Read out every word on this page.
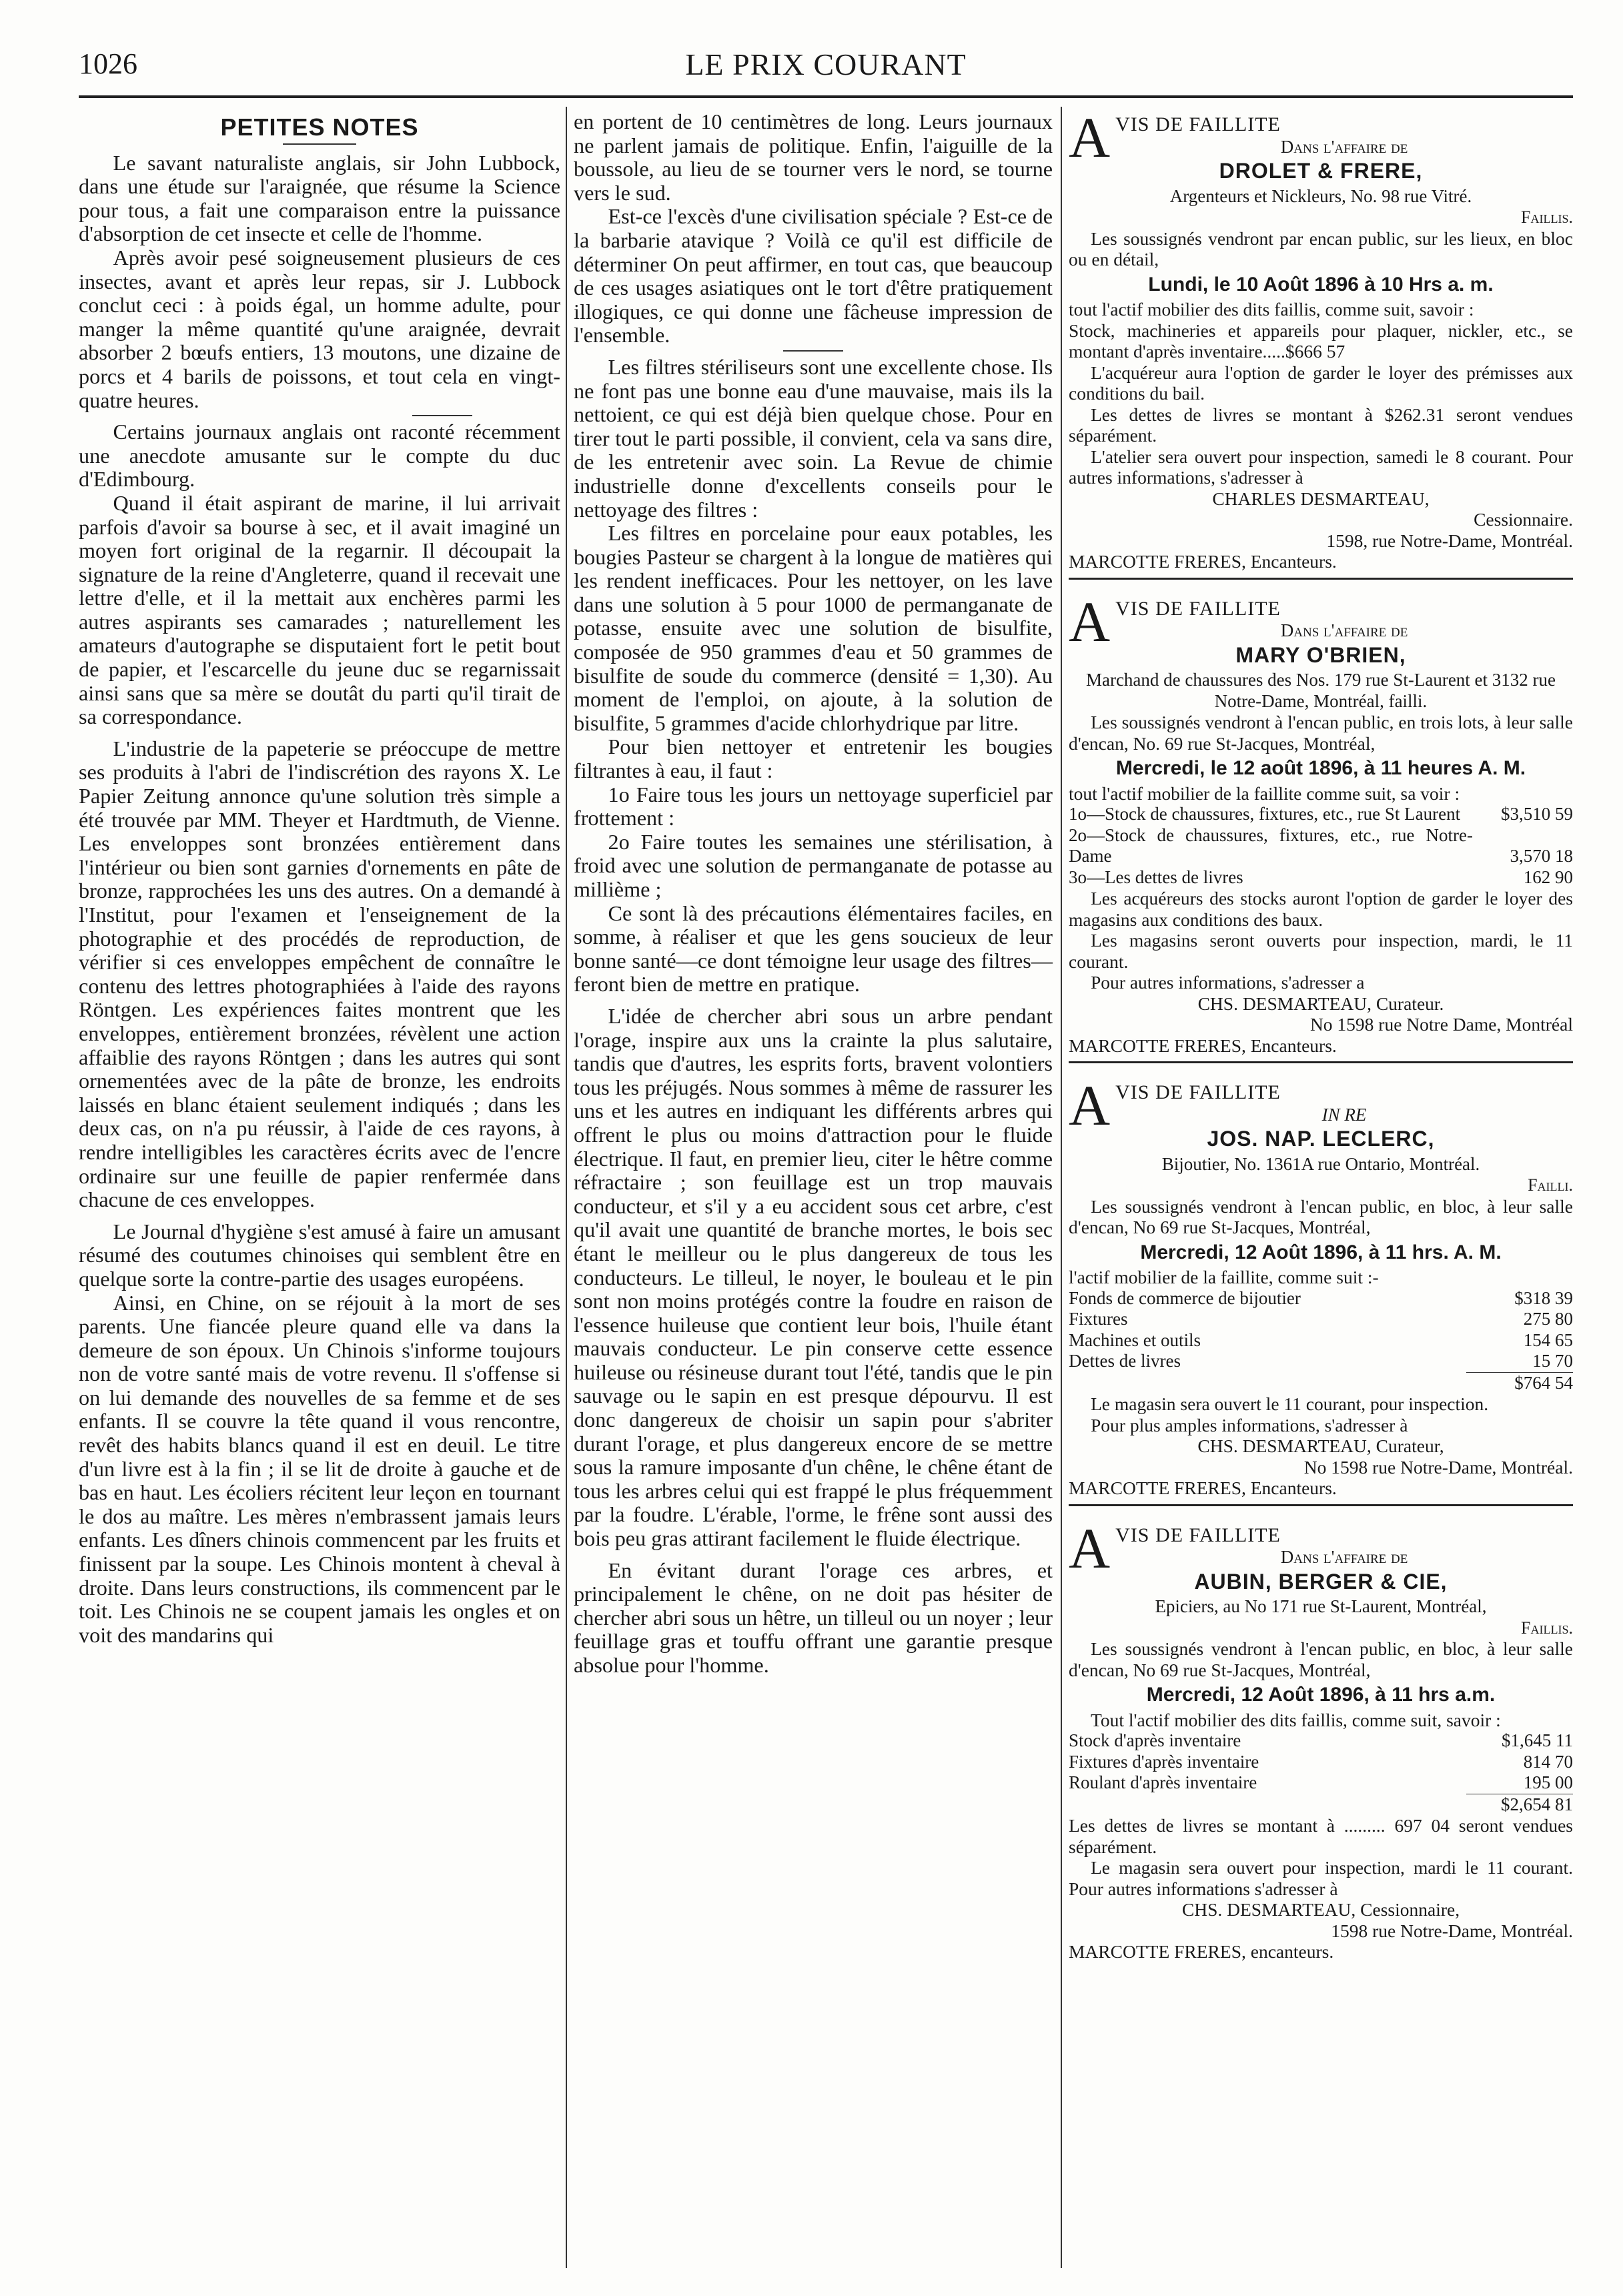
1026	LE PRIX COURANT
PETITES NOTES

Le savant naturaliste anglais, sir John Lubbock, dans une étude sur l'araignée, que résume la Science pour tous, a fait une comparaison entre la puissance d'absorption de cet insecte et celle de l'homme.

Après avoir pesé soigneusement plusieurs de ces insectes, avant et après leur repas, sir J. Lubbock conclut ceci : à poids égal, un homme adulte, pour manger la même quantité qu'une araignée, devrait absorber 2 bœufs entiers, 13 moutons, une dizaine de porcs et 4 barils de poissons, et tout cela en vingt-quatre heures.

Certains journaux anglais ont raconté récemment une anecdote amusante sur le compte du duc d'Edimbourg.

Quand il était aspirant de marine, il lui arrivait parfois d'avoir sa bourse à sec, et il avait imaginé un moyen fort original de la regarnir. Il découpait la signature de la reine d'Angleterre, quand il recevait une lettre d'elle, et il la mettait aux enchères parmi les autres aspirants ses camarades ; naturellement les amateurs d'autographe se disputaient fort le petit bout de papier, et l'escarcelle du jeune duc se regarnissait ainsi sans que sa mère se doutât du parti qu'il tirait de sa correspondance.

L'industrie de la papeterie se préoccupe de mettre ses produits à l'abri de l'indiscrétion des rayons X. Le Papier Zeitung annonce qu'une solution très simple a été trouvée par MM. Theyer et Hardtmuth, de Vienne. Les enveloppes sont bronzées entièrement dans l'intérieur ou bien sont garnies d'ornements en pâte de bronze, rapprochées les uns des autres. On a demandé à l'Institut, pour l'examen et l'enseignement de la photographie et des procédés de reproduction, de vérifier si ces enveloppes empêchent de connaître le contenu des lettres photographiées à l'aide des rayons Röntgen. Les expériences faites montrent que les enveloppes, entièrement bronzées, révèlent une action affaiblie des rayons Röntgen ; dans les autres qui sont ornementées avec de la pâte de bronze, les endroits laissés en blanc étaient seulement indiqués ; dans les deux cas, on n'a pu réussir, à l'aide de ces rayons, à rendre intelligibles les caractères écrits avec de l'encre ordinaire sur une feuille de papier renfermée dans chacune de ces enveloppes.

Le Journal d'hygiène s'est amusé à faire un amusant résumé des coutumes chinoises qui semblent être en quelque sorte la contre-partie des usages européens.

Ainsi, en Chine, on se réjouit à la mort de ses parents. Une fiancée pleure quand elle va dans la demeure de son époux. Un Chinois s'informe toujours non de votre santé mais de votre revenu. Il s'offense si on lui demande des nouvelles de sa femme et de ses enfants. Il se couvre la tête quand il vous rencontre, revêt des habits blancs quand il est en deuil. Le titre d'un livre est à la fin ; il se lit de droite à gauche et de bas en haut. Les écoliers récitent leur leçon en tournant le dos au maître. Les mères n'embrassent jamais leurs enfants. Les dîners chinois commencent par les fruits et finissent par la soupe. Les Chinois montent à cheval à droite. Dans leurs constructions, ils commencent par le toit. Les Chinois ne se coupent jamais les ongles et on voit des mandarins qui

en portent de 10 centimètres de long. Leurs journaux ne parlent jamais de politique. Enfin, l'aiguille de la boussole, au lieu de se tourner vers le nord, se tourne vers le sud.

Est-ce l'excès d'une civilisation spéciale ? Est-ce de la barbarie atavique ? Voilà ce qu'il est difficile de déterminer On peut affirmer, en tout cas, que beaucoup de ces usages asiatiques ont le tort d'être pratiquement illogiques, ce qui donne une fâcheuse impression de l'ensemble.

Les filtres stériliseurs sont une excellente chose. Ils ne font pas une bonne eau d'une mauvaise, mais ils la nettoient, ce qui est déjà bien quelque chose. Pour en tirer tout le parti possible, il convient, cela va sans dire, de les entretenir avec soin. La Revue de chimie industrielle donne d'excellents conseils pour le nettoyage des filtres :

Les filtres en porcelaine pour eaux potables, les bougies Pasteur se chargent à la longue de matières qui les rendent inefficaces. Pour les nettoyer, on les lave dans une solution à 5 pour 1000 de permanganate de potasse, ensuite avec une solution de bisulfite, composée de 950 grammes d'eau et 50 grammes de bisulfite de soude du commerce (densité = 1,30). Au moment de l'emploi, on ajoute, à la solution de bisulfite, 5 grammes d'acide chlorhydrique par litre.

Pour bien nettoyer et entretenir les bougies filtrantes à eau, il faut :

1o Faire tous les jours un nettoyage superficiel par frottement :

2o Faire toutes les semaines une stérilisation, à froid avec une solution de permanganate de potasse au millième ;

Ce sont là des précautions élémentaires faciles, en somme, à réaliser et que les gens soucieux de leur bonne santé—ce dont témoigne leur usage des filtres—feront bien de mettre en pratique.

L'idée de chercher abri sous un arbre pendant l'orage, inspire aux uns la crainte la plus salutaire, tandis que d'autres, les esprits forts, bravent volontiers tous les préjugés. Nous sommes à même de rassurer les uns et les autres en indiquant les différents arbres qui offrent le plus ou moins d'attraction pour le fluide électrique. Il faut, en premier lieu, citer le hêtre comme réfractaire ; son feuillage est un trop mauvais conducteur, et s'il y a eu accident sous cet arbre, c'est qu'il avait une quantité de branche mortes, le bois sec étant le meilleur ou le plus dangereux de tous les conducteurs. Le tilleul, le noyer, le bouleau et le pin sont non moins protégés contre la foudre en raison de l'essence huileuse que contient leur bois, l'huile étant mauvais conducteur. Le pin conserve cette essence huileuse ou résineuse durant tout l'été, tandis que le pin sauvage ou le sapin en est presque dépourvu. Il est donc dangereux de choisir un sapin pour s'abriter durant l'orage, et plus dangereux encore de se mettre sous la ramure imposante d'un chêne, le chêne étant de tous les arbres celui qui est frappé le plus fréquemment par la foudre. L'érable, l'orme, le frêne sont aussi des bois peu gras attirant facilement le fluide électrique.

En évitant durant l'orage ces arbres, et principalement le chêne, on ne doit pas hésiter de chercher abri sous un hêtre, un tilleul ou un noyer ; leur feuillage gras et touffu offrant une garantie presque absolue pour l'homme.

A VIS DE FAILLITE
Dans l'affaire de
DROLET & FRERE,
Argenteurs et Nickleurs, No. 98 rue Vitré.
Faillis.

Les soussignés vendront par encan public, sur les lieux, en bloc ou en détail,

Lundi, le 10 Août 1896 à 10 Hrs a. m.

tout l'actif mobilier des dits faillis, comme suit, savoir :

Stock, machineries et appareils pour plaquer, nickler, etc., se montant d'après inventaire.....$666 57

L'acquéreur aura l'option de garder le loyer des prémisses aux conditions du bail.

Les dettes de livres se montant à $262.31 seront vendues séparément.

L'atelier sera ouvert pour inspection, samedi le 8 courant. Pour autres informations, s'adresser à

CHARLES DESMARTEAU,
Cessionnaire.
1598, rue Notre-Dame, Montréal.
MARCOTTE FRERES, Encanteurs.
A VIS DE FAILLITE
Dans l'affaire de
MARY O'BRIEN,
Marchand de chaussures des Nos. 179 rue St-Laurent et 3132 rue Notre-Dame, Montréal, failli.

Les soussignés vendront à l'encan public, en trois lots, à leur salle d'encan, No. 69 rue St-Jacques, Montréal,

Mercredi, le 12 août 1896, à 11 heures A. M.

tout l'actif mobilier de la faillite comme suit, sa voir :

1o—Stock de chaussures, fixtures, etc., rue St Laurent	$3,510 59
2o—Stock de chaussures, fixtures, etc., rue Notre-Dame	3,570 18
3o—Les dettes de livres	162 90

Les acquéreurs des stocks auront l'option de garder le loyer des magasins aux conditions des baux.

Les magasins seront ouverts pour inspection, mardi, le 11 courant.

Pour autres informations, s'adresser a

CHS. DESMARTEAU, Curateur.
No 1598 rue Notre Dame, Montréal
MARCOTTE FRERES, Encanteurs.
A VIS DE FAILLITE
IN RE
JOS. NAP. LECLERC,
Bijoutier, No. 1361A rue Ontario, Montréal.
Failli.

Les soussignés vendront à l'encan public, en bloc, à leur salle d'encan, No 69 rue St-Jacques, Montréal,

Mercredi, 12 Août 1896, à 11 hrs. A. M.

l'actif mobilier de la faillite, comme suit :-

Fonds de commerce de bijoutier	$318 39
Fixtures	275 80
Machines et outils	154 65
Dettes de livres	15 70
$764 54

Le magasin sera ouvert le 11 courant, pour inspection.

Pour plus amples informations, s'adresser à

CHS. DESMARTEAU, Curateur,
No 1598 rue Notre-Dame, Montréal.
MARCOTTE FRERES, Encanteurs.
A VIS DE FAILLITE
Dans l'affaire de
AUBIN, BERGER & CIE,
Epiciers, au No 171 rue St-Laurent, Montréal,
Faillis.

Les soussignés vendront à l'encan public, en bloc, à leur salle d'encan, No 69 rue St-Jacques, Montréal,

Mercredi, 12 Août 1896, à 11 hrs a.m.

Tout l'actif mobilier des dits faillis, comme suit, savoir :

Stock d'après inventaire	$1,645 11
Fixtures d'après inventaire	814 70
Roulant d'après inventaire	195 00
$2,654 81

Les dettes de livres se montant à ......... 697 04 seront vendues séparément.

Le magasin sera ouvert pour inspection, mardi le 11 courant. Pour autres informations s'adresser à

CHS. DESMARTEAU, Cessionnaire,
1598 rue Notre-Dame, Montréal.
MARCOTTE FRERES, encanteurs.
